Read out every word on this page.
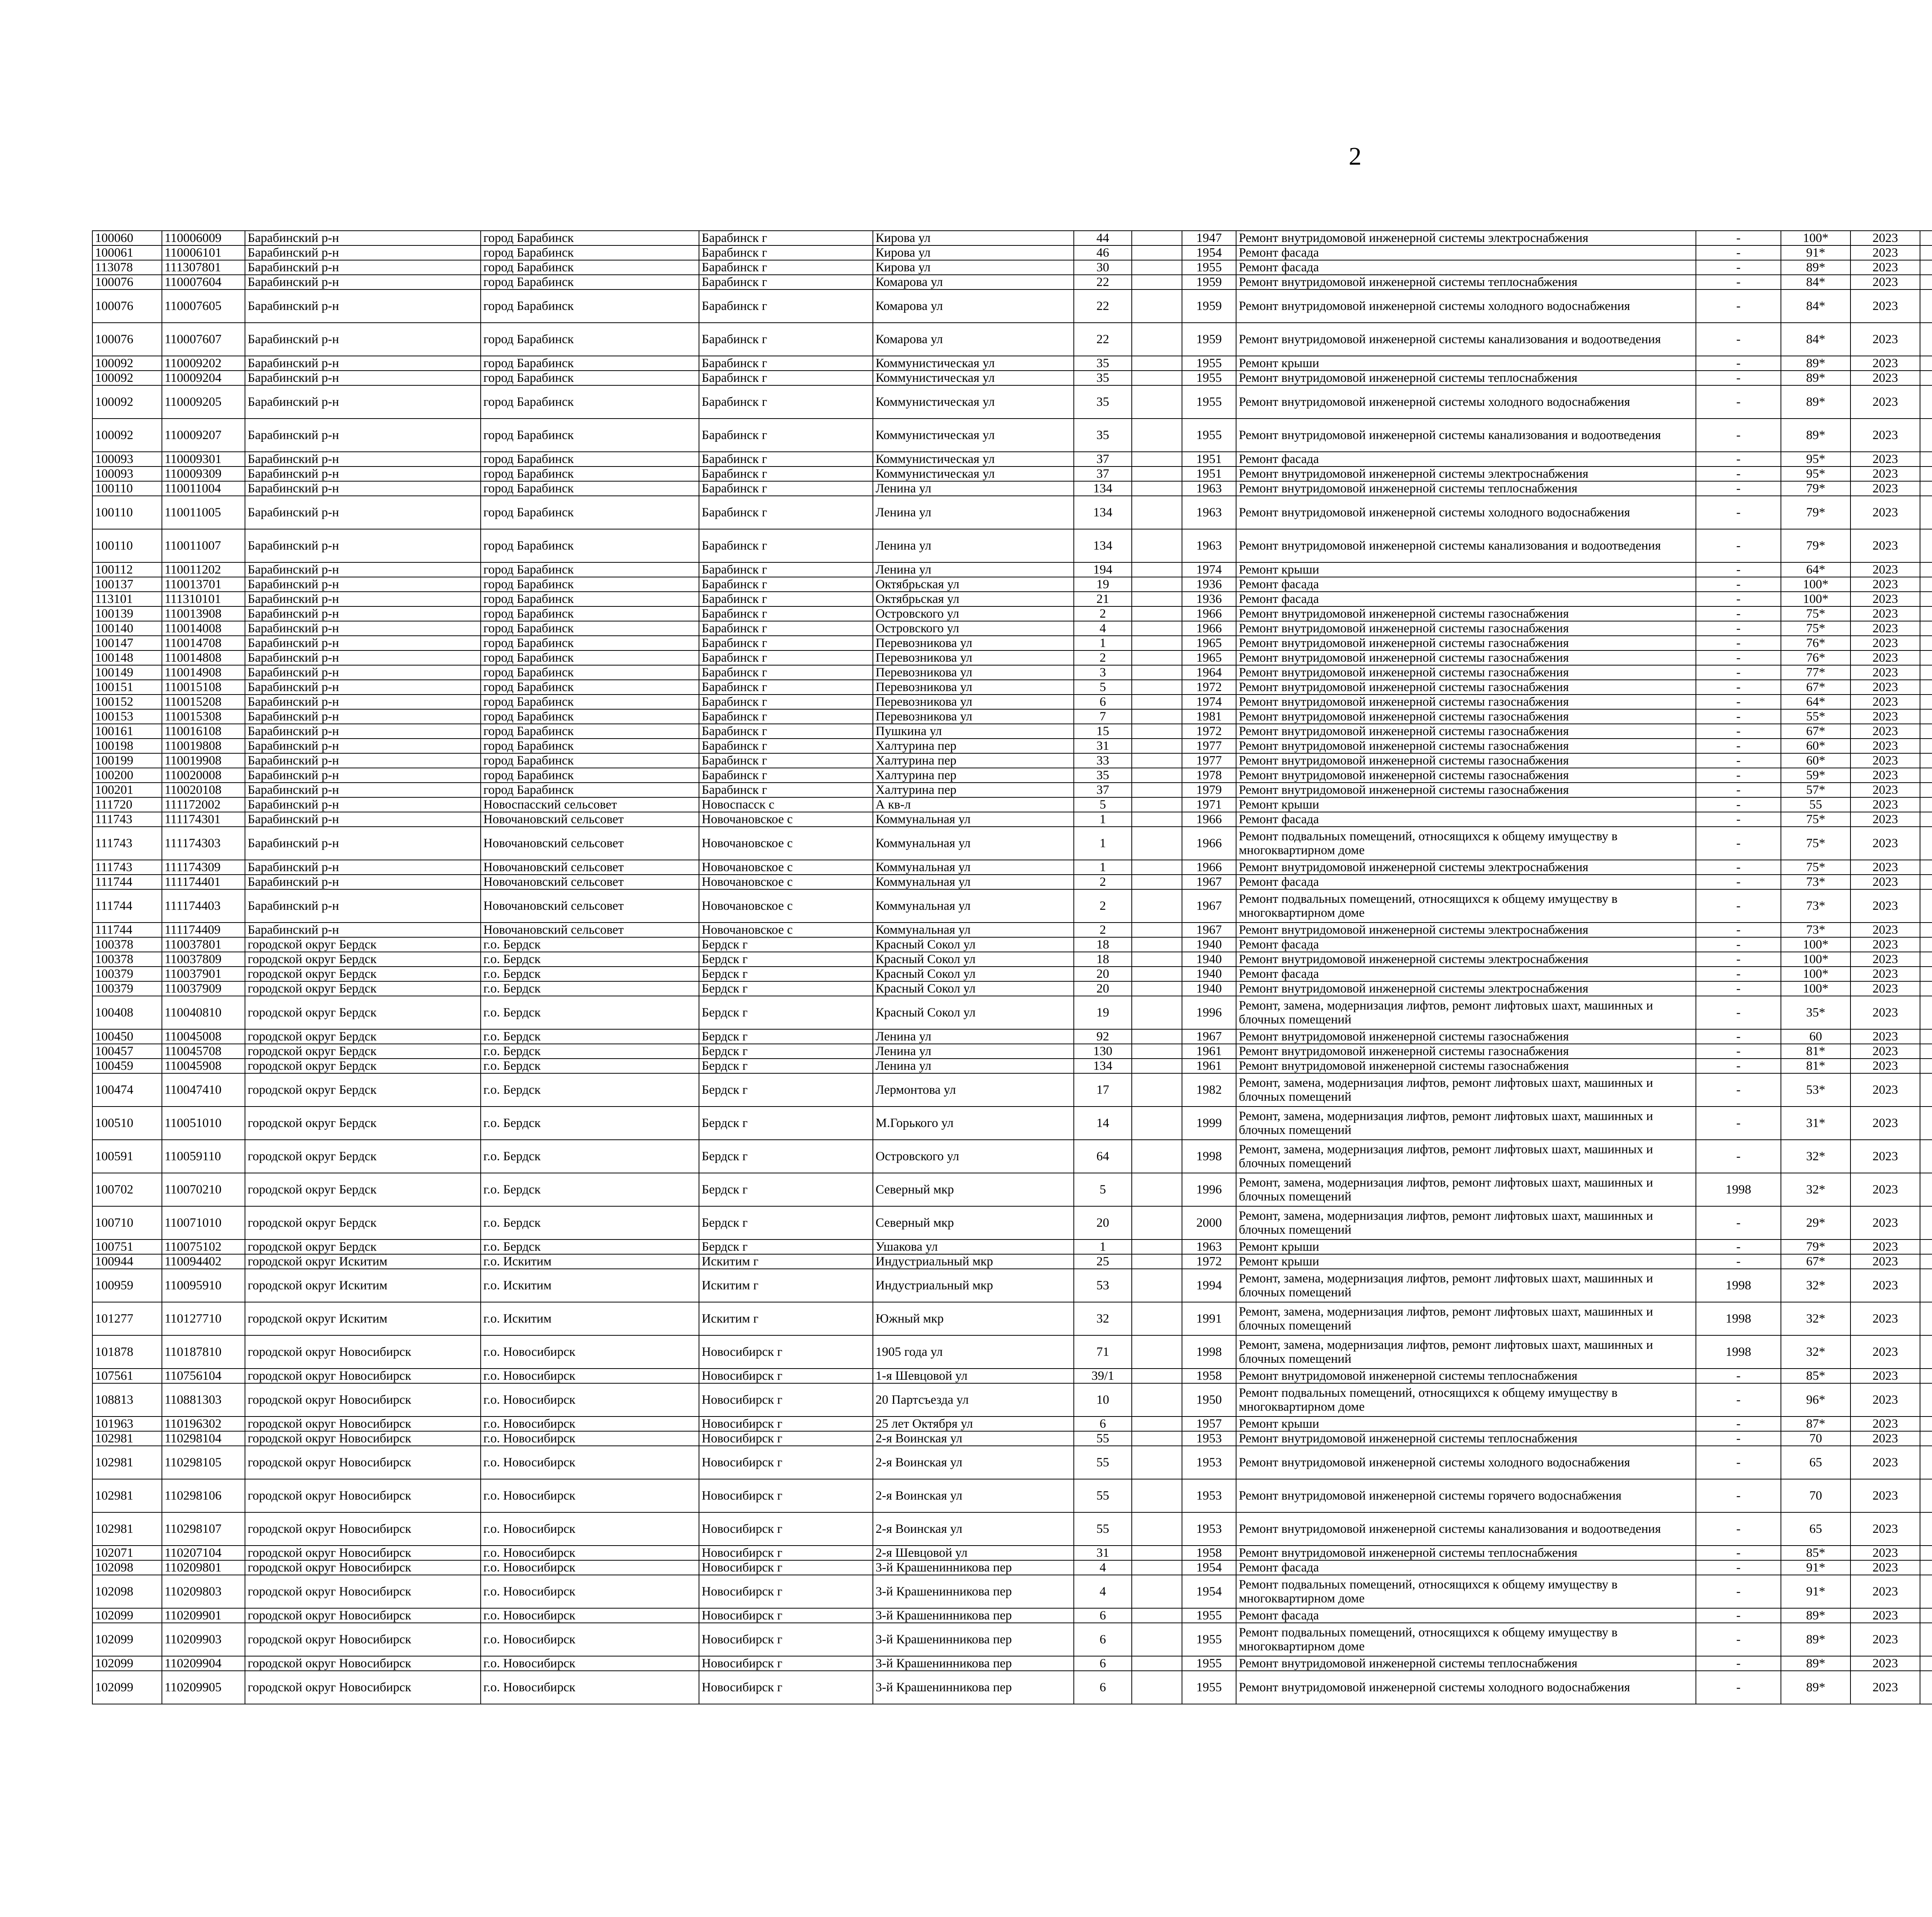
2
100060	110006009	Барабинский р-н	город Барабинск	Барабинск г	Кирова ул	44		1947	Ремонт внутридомовой инженерной системы электроснабжения	-	100*	2023						
100061	110006101	Барабинский р-н	город Барабинск	Барабинск г	Кирова ул	46		1954	Ремонт фасада	-	91*	2023						
113078	111307801	Барабинский р-н	город Барабинск	Барабинск г	Кирова ул	30		1955	Ремонт фасада	-	89*	2023						
100076	110007604	Барабинский р-н	город Барабинск	Барабинск г	Комарова ул	22		1959	Ремонт внутридомовой инженерной системы теплоснабжения	-	84*	2023						
100076	110007605	Барабинский р-н	город Барабинск	Барабинск г	Комарова ул	22		1959	Ремонт внутридомовой инженерной системы холодного водоснабжения	-	84*	2023						
100076	110007607	Барабинский р-н	город Барабинск	Барабинск г	Комарова ул	22		1959	Ремонт внутридомовой инженерной системы канализования и водоотведения	-	84*	2023						
100092	110009202	Барабинский р-н	город Барабинск	Барабинск г	Коммунистическая ул	35		1955	Ремонт крыши	-	89*	2023						
100092	110009204	Барабинский р-н	город Барабинск	Барабинск г	Коммунистическая ул	35		1955	Ремонт внутридомовой инженерной системы теплоснабжения	-	89*	2023						
100092	110009205	Барабинский р-н	город Барабинск	Барабинск г	Коммунистическая ул	35		1955	Ремонт внутридомовой инженерной системы холодного водоснабжения	-	89*	2023						
100092	110009207	Барабинский р-н	город Барабинск	Барабинск г	Коммунистическая ул	35		1955	Ремонт внутридомовой инженерной системы канализования и водоотведения	-	89*	2023						
100093	110009301	Барабинский р-н	город Барабинск	Барабинск г	Коммунистическая ул	37		1951	Ремонт фасада	-	95*	2023						
100093	110009309	Барабинский р-н	город Барабинск	Барабинск г	Коммунистическая ул	37		1951	Ремонт внутридомовой инженерной системы электроснабжения	-	95*	2023						
100110	110011004	Барабинский р-н	город Барабинск	Барабинск г	Ленина ул	134		1963	Ремонт внутридомовой инженерной системы теплоснабжения	-	79*	2023						
100110	110011005	Барабинский р-н	город Барабинск	Барабинск г	Ленина ул	134		1963	Ремонт внутридомовой инженерной системы холодного водоснабжения	-	79*	2023						
100110	110011007	Барабинский р-н	город Барабинск	Барабинск г	Ленина ул	134		1963	Ремонт внутридомовой инженерной системы канализования и водоотведения	-	79*	2023						
100112	110011202	Барабинский р-н	город Барабинск	Барабинск г	Ленина ул	194		1974	Ремонт крыши	-	64*	2023						
100137	110013701	Барабинский р-н	город Барабинск	Барабинск г	Октябрьская ул	19		1936	Ремонт фасада	-	100*	2023						
113101	111310101	Барабинский р-н	город Барабинск	Барабинск г	Октябрьская ул	21		1936	Ремонт фасада	-	100*	2023						
100139	110013908	Барабинский р-н	город Барабинск	Барабинск г	Островского ул	2		1966	Ремонт внутридомовой инженерной системы газоснабжения	-	75*	2023						
100140	110014008	Барабинский р-н	город Барабинск	Барабинск г	Островского ул	4		1966	Ремонт внутридомовой инженерной системы газоснабжения	-	75*	2023						
100147	110014708	Барабинский р-н	город Барабинск	Барабинск г	Перевозникова ул	1		1965	Ремонт внутридомовой инженерной системы газоснабжения	-	76*	2023						
100148	110014808	Барабинский р-н	город Барабинск	Барабинск г	Перевозникова ул	2		1965	Ремонт внутридомовой инженерной системы газоснабжения	-	76*	2023						
100149	110014908	Барабинский р-н	город Барабинск	Барабинск г	Перевозникова ул	3		1964	Ремонт внутридомовой инженерной системы газоснабжения	-	77*	2023						
100151	110015108	Барабинский р-н	город Барабинск	Барабинск г	Перевозникова ул	5		1972	Ремонт внутридомовой инженерной системы газоснабжения	-	67*	2023						
100152	110015208	Барабинский р-н	город Барабинск	Барабинск г	Перевозникова ул	6		1974	Ремонт внутридомовой инженерной системы газоснабжения	-	64*	2023						
100153	110015308	Барабинский р-н	город Барабинск	Барабинск г	Перевозникова ул	7		1981	Ремонт внутридомовой инженерной системы газоснабжения	-	55*	2023						
100161	110016108	Барабинский р-н	город Барабинск	Барабинск г	Пушкина ул	15		1972	Ремонт внутридомовой инженерной системы газоснабжения	-	67*	2023						
100198	110019808	Барабинский р-н	город Барабинск	Барабинск г	Халтурина пер	31		1977	Ремонт внутридомовой инженерной системы газоснабжения	-	60*	2023						
100199	110019908	Барабинский р-н	город Барабинск	Барабинск г	Халтурина пер	33		1977	Ремонт внутридомовой инженерной системы газоснабжения	-	60*	2023						
100200	110020008	Барабинский р-н	город Барабинск	Барабинск г	Халтурина пер	35		1978	Ремонт внутридомовой инженерной системы газоснабжения	-	59*	2023						
100201	110020108	Барабинский р-н	город Барабинск	Барабинск г	Халтурина пер	37		1979	Ремонт внутридомовой инженерной системы газоснабжения	-	57*	2023						
111720	111172002	Барабинский р-н	Новоспасский сельсовет	Новоспасск с	А кв-л	5		1971	Ремонт крыши	-	55	2023						
111743	111174301	Барабинский р-н	Новочановский сельсовет	Новочановское с	Коммунальная ул	1		1966	Ремонт фасада	-	75*	2023						
111743	111174303	Барабинский р-н	Новочановский сельсовет	Новочановское с	Коммунальная ул	1		1966	Ремонт подвальных помещений, относящихся к общему имуществу в многоквартирном доме	-	75*	2023						
111743	111174309	Барабинский р-н	Новочановский сельсовет	Новочановское с	Коммунальная ул	1		1966	Ремонт внутридомовой инженерной системы электроснабжения	-	75*	2023						
111744	111174401	Барабинский р-н	Новочановский сельсовет	Новочановское с	Коммунальная ул	2		1967	Ремонт фасада	-	73*	2023						
111744	111174403	Барабинский р-н	Новочановский сельсовет	Новочановское с	Коммунальная ул	2		1967	Ремонт подвальных помещений, относящихся к общему имуществу в многоквартирном доме	-	73*	2023						
111744	111174409	Барабинский р-н	Новочановский сельсовет	Новочановское с	Коммунальная ул	2		1967	Ремонт внутридомовой инженерной системы электроснабжения	-	73*	2023						
100378	110037801	городской округ Бердск	г.о. Бердск	Бердск г	Красный Сокол ул	18		1940	Ремонт фасада	-	100*	2023						
100378	110037809	городской округ Бердск	г.о. Бердск	Бердск г	Красный Сокол ул	18		1940	Ремонт внутридомовой инженерной системы электроснабжения	-	100*	2023						
100379	110037901	городской округ Бердск	г.о. Бердск	Бердск г	Красный Сокол ул	20		1940	Ремонт фасада	-	100*	2023						
100379	110037909	городской округ Бердск	г.о. Бердск	Бердск г	Красный Сокол ул	20		1940	Ремонт внутридомовой инженерной системы электроснабжения	-	100*	2023						
100408	110040810	городской округ Бердск	г.о. Бердск	Бердск г	Красный Сокол ул	19		1996	Ремонт, замена, модернизация лифтов, ремонт лифтовых шахт, машинных и блочных помещений	-	35*	2023						
100450	110045008	городской округ Бердск	г.о. Бердск	Бердск г	Ленина ул	92		1967	Ремонт внутридомовой инженерной системы газоснабжения	-	60	2023						
100457	110045708	городской округ Бердск	г.о. Бердск	Бердск г	Ленина ул	130		1961	Ремонт внутридомовой инженерной системы газоснабжения	-	81*	2023						
100459	110045908	городской округ Бердск	г.о. Бердск	Бердск г	Ленина ул	134		1961	Ремонт внутридомовой инженерной системы газоснабжения	-	81*	2023						
100474	110047410	городской округ Бердск	г.о. Бердск	Бердск г	Лермонтова ул	17		1982	Ремонт, замена, модернизация лифтов, ремонт лифтовых шахт, машинных и блочных помещений	-	53*	2023						
100510	110051010	городской округ Бердск	г.о. Бердск	Бердск г	М.Горького ул	14		1999	Ремонт, замена, модернизация лифтов, ремонт лифтовых шахт, машинных и блочных помещений	-	31*	2023						
100591	110059110	городской округ Бердск	г.о. Бердск	Бердск г	Островского ул	64		1998	Ремонт, замена, модернизация лифтов, ремонт лифтовых шахт, машинных и блочных помещений	-	32*	2023						
100702	110070210	городской округ Бердск	г.о. Бердск	Бердск г	Северный мкр	5		1996	Ремонт, замена, модернизация лифтов, ремонт лифтовых шахт, машинных и блочных помещений	1998	32*	2023						
100710	110071010	городской округ Бердск	г.о. Бердск	Бердск г	Северный мкр	20		2000	Ремонт, замена, модернизация лифтов, ремонт лифтовых шахт, машинных и блочных помещений	-	29*	2023						
100751	110075102	городской округ Бердск	г.о. Бердск	Бердск г	Ушакова ул	1		1963	Ремонт крыши	-	79*	2023						
100944	110094402	городской округ Искитим	г.о. Искитим	Искитим г	Индустриальный мкр	25		1972	Ремонт крыши	-	67*	2023						
100959	110095910	городской округ Искитим	г.о. Искитим	Искитим г	Индустриальный мкр	53		1994	Ремонт, замена, модернизация лифтов, ремонт лифтовых шахт, машинных и блочных помещений	1998	32*	2023						
101277	110127710	городской округ Искитим	г.о. Искитим	Искитим г	Южный мкр	32		1991	Ремонт, замена, модернизация лифтов, ремонт лифтовых шахт, машинных и блочных помещений	1998	32*	2023						
101878	110187810	городской округ Новосибирск	г.о. Новосибирск	Новосибирск г	1905 года ул	71		1998	Ремонт, замена, модернизация лифтов, ремонт лифтовых шахт, машинных и блочных помещений	1998	32*	2023						
107561	110756104	городской округ Новосибирск	г.о. Новосибирск	Новосибирск г	1-я Шевцовой ул	39/1		1958	Ремонт внутридомовой инженерной системы теплоснабжения	-	85*	2023						
108813	110881303	городской округ Новосибирск	г.о. Новосибирск	Новосибирск г	20 Партсъезда ул	10		1950	Ремонт подвальных помещений, относящихся к общему имуществу в многоквартирном доме	-	96*	2023						
101963	110196302	городской округ Новосибирск	г.о. Новосибирск	Новосибирск г	25 лет Октября ул	6		1957	Ремонт крыши	-	87*	2023						
102981	110298104	городской округ Новосибирск	г.о. Новосибирск	Новосибирск г	2-я Воинская ул	55		1953	Ремонт внутридомовой инженерной системы теплоснабжения	-	70	2023						
102981	110298105	городской округ Новосибирск	г.о. Новосибирск	Новосибирск г	2-я Воинская ул	55		1953	Ремонт внутридомовой инженерной системы холодного водоснабжения	-	65	2023						
102981	110298106	городской округ Новосибирск	г.о. Новосибирск	Новосибирск г	2-я Воинская ул	55		1953	Ремонт внутридомовой инженерной системы горячего водоснабжения	-	70	2023						
102981	110298107	городской округ Новосибирск	г.о. Новосибирск	Новосибирск г	2-я Воинская ул	55		1953	Ремонт внутридомовой инженерной системы канализования и водоотведения	-	65	2023						
102071	110207104	городской округ Новосибирск	г.о. Новосибирск	Новосибирск г	2-я Шевцовой ул	31		1958	Ремонт внутридомовой инженерной системы теплоснабжения	-	85*	2023						
102098	110209801	городской округ Новосибирск	г.о. Новосибирск	Новосибирск г	3-й Крашенинникова пер	4		1954	Ремонт фасада	-	91*	2023						
102098	110209803	городской округ Новосибирск	г.о. Новосибирск	Новосибирск г	3-й Крашенинникова пер	4		1954	Ремонт подвальных помещений, относящихся к общему имуществу в многоквартирном доме	-	91*	2023						
102099	110209901	городской округ Новосибирск	г.о. Новосибирск	Новосибирск г	3-й Крашенинникова пер	6		1955	Ремонт фасада	-	89*	2023						
102099	110209903	городской округ Новосибирск	г.о. Новосибирск	Новосибирск г	3-й Крашенинникова пер	6		1955	Ремонт подвальных помещений, относящихся к общему имуществу в многоквартирном доме	-	89*	2023						
102099	110209904	городской округ Новосибирск	г.о. Новосибирск	Новосибирск г	3-й Крашенинникова пер	6		1955	Ремонт внутридомовой инженерной системы теплоснабжения	-	89*	2023						
102099	110209905	городской округ Новосибирск	г.о. Новосибирск	Новосибирск г	3-й Крашенинникова пер	6		1955	Ремонт внутридомовой инженерной системы холодного водоснабжения	-	89*	2023						
